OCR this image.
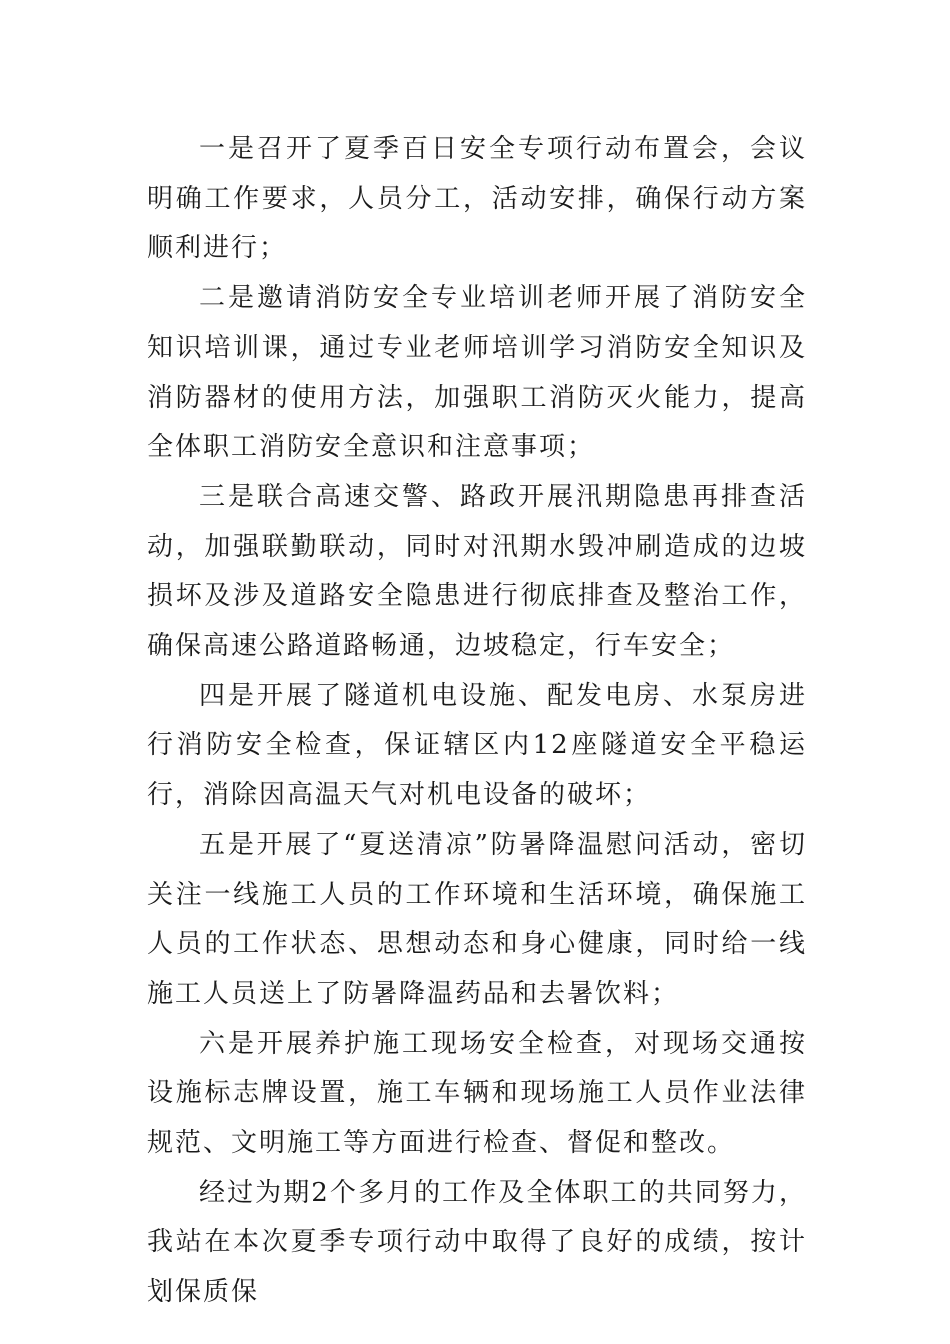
一是召开了夏季百日安全专项行动布置会，会议明确工作要求，人员分工，活动安排，确保行动方案顺利进行；

二是邀请消防安全专业培训老师开展了消防安全知识培训课，通过专业老师培训学习消防安全知识及消防器材的使用方法，加强职工消防灭火能力，提高全体职工消防安全意识和注意事项；

三是联合高速交警、路政开展汛期隐患再排查活动，加强联勤联动，同时对汛期水毁冲刷造成的边坡损坏及涉及道路安全隐患进行彻底排查及整治工作，确保高速公路道路畅通，边坡稳定，行车安全；

四是开展了隧道机电设施、配发电房、水泵房进行消防安全检查，保证辖区内12座隧道安全平稳运行，消除因高温天气对机电设备的破坏；

五是开展了“夏送清凉”防暑降温慰问活动，密切关注一线施工人员的工作环境和生活环境，确保施工人员的工作状态、思想动态和身心健康，同时给一线施工人员送上了防暑降温药品和去暑饮料；

六是开展养护施工现场安全检查，对现场交通按设施标志牌设置，施工车辆和现场施工人员作业法律规范、文明施工等方面进行检查、督促和整改。

经过为期2个多月的工作及全体职工的共同努力，我站在本次夏季专项行动中取得了良好的成绩，按计划保质保
